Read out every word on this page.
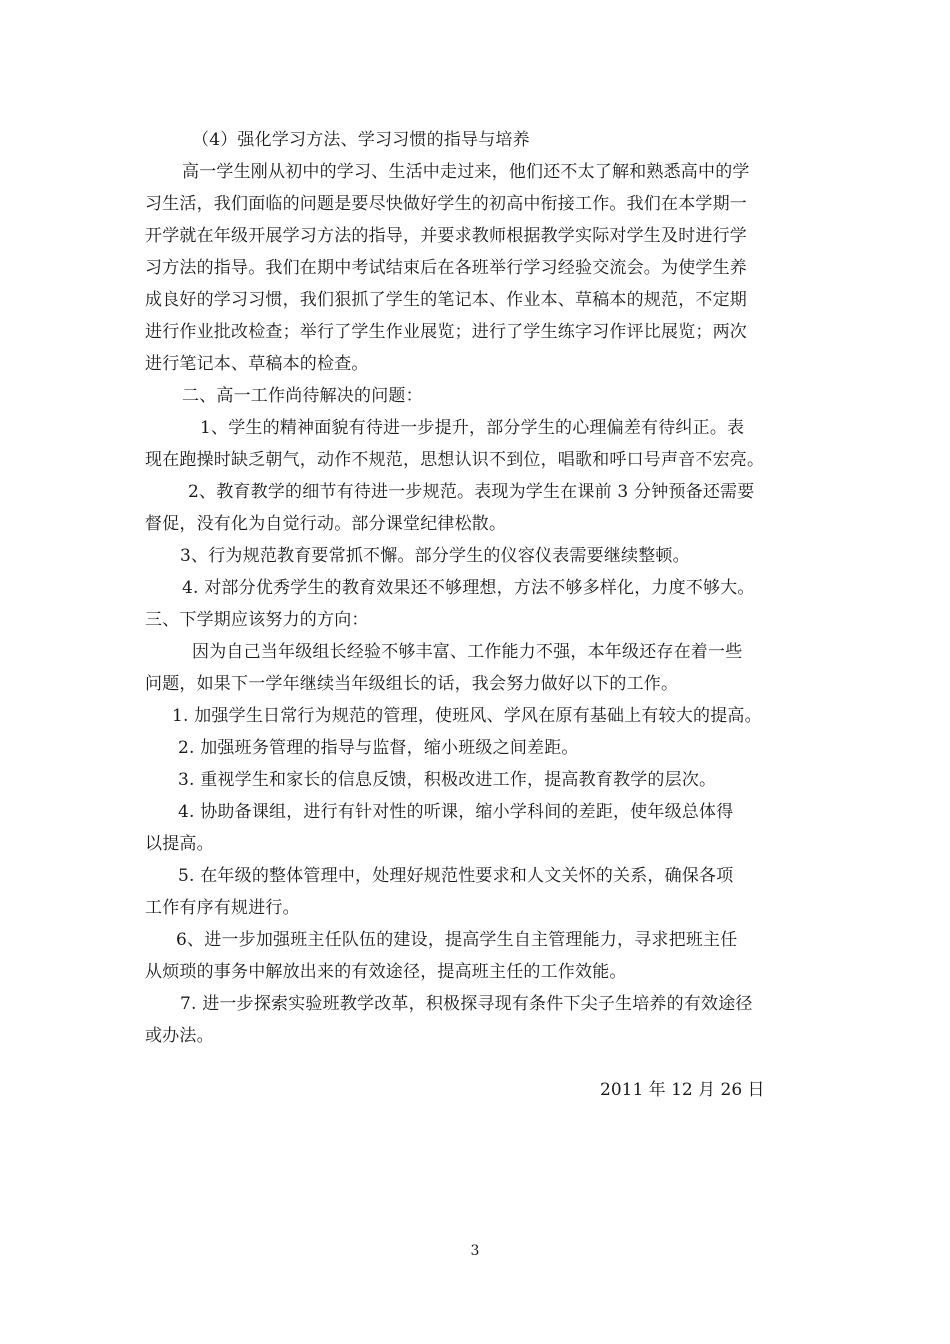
（4）强化学习方法、学习习惯的指导与培养
高一学生刚从初中的学习、生活中走过来，他们还不太了解和熟悉高中的学
习生活，我们面临的问题是要尽快做好学生的初高中衔接工作。我们在本学期一
开学就在年级开展学习方法的指导，并要求教师根据教学实际对学生及时进行学
习方法的指导。我们在期中考试结束后在各班举行学习经验交流会。为使学生养
成良好的学习习惯，我们狠抓了学生的笔记本、作业本、草稿本的规范，不定期
进行作业批改检查；举行了学生作业展览；进行了学生练字习作评比展览；两次
进行笔记本、草稿本的检查。
二、高一工作尚待解决的问题：
1、学生的精神面貌有待进一步提升，部分学生的心理偏差有待纠正。表
现在跑操时缺乏朝气，动作不规范，思想认识不到位，唱歌和呼口号声音不宏亮。
2、教育教学的细节有待进一步规范。表现为学生在课前 3 分钟预备还需要
督促，没有化为自觉行动。部分课堂纪律松散。
3、行为规范教育要常抓不懈。部分学生的仪容仪表需要继续整顿。
4. 对部分优秀学生的教育效果还不够理想，方法不够多样化，力度不够大。
三、下学期应该努力的方向：
因为自己当年级组长经验不够丰富、工作能力不强，本年级还存在着一些
问题，如果下一学年继续当年级组长的话，我会努力做好以下的工作。
1. 加强学生日常行为规范的管理，使班风、学风在原有基础上有较大的提高。
2. 加强班务管理的指导与监督，缩小班级之间差距。
3. 重视学生和家长的信息反馈，积极改进工作，提高教育教学的层次。
4. 协助备课组，进行有针对性的听课，缩小学科间的差距，使年级总体得
以提高。
5. 在年级的整体管理中，处理好规范性要求和人文关怀的关系，确保各项
工作有序有规进行。
6、进一步加强班主任队伍的建设，提高学生自主管理能力，寻求把班主任
从烦琐的事务中解放出来的有效途径，提高班主任的工作效能。
7. 进一步探索实验班教学改革，积极探寻现有条件下尖子生培养的有效途径
或办法。
2011 年 12 月 26 日
3
